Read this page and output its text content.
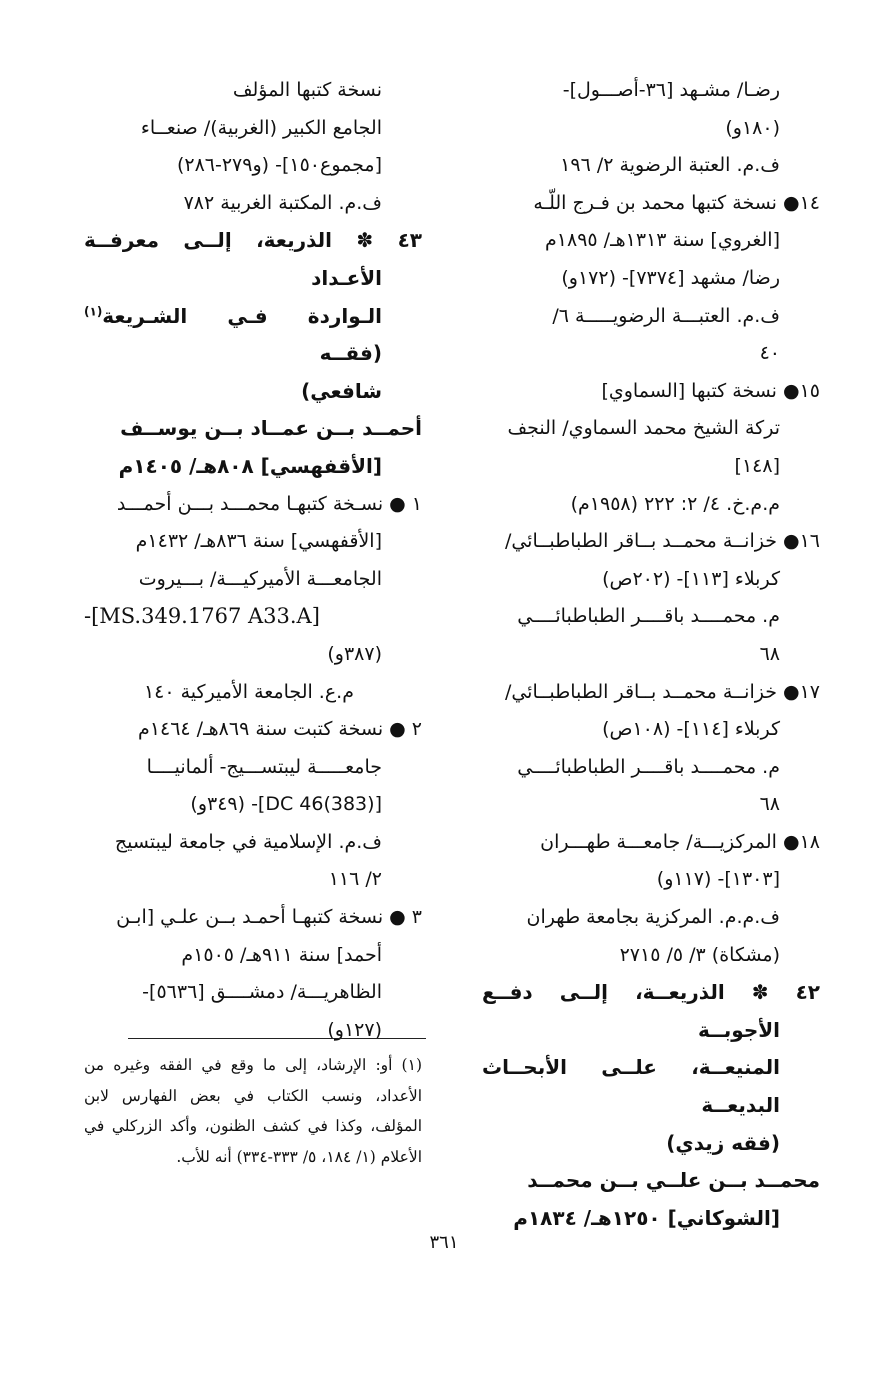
رضـا/ مشـهد [٣٦-أصـــول]-

(١٨٠و)

ف.م. العتبة الرضوية ٢/ ١٩٦

١٤● نسخة كتبها محمد بن فـرج اللّـه

[الغروي] سنة ١٣١٣هـ/ ١٨٩٥م

رضا/ مشهد [٧٣٧٤]- (١٧٢و)

ف.م. العتبـــة الرضويـــــة ٦/

٤٠

١٥● نسخة كتبها [السماوي]

تركة الشيخ محمد السماوي/ النجف

[١٤٨]

م.م.خ. ٤/ ٢: ٢٢٢ (١٩٥٨م)

١٦● خزانــة محمــد بــاقر الطباطبــائي/

كربلاء [١١٣]- (٢٠٢ص)

م. محمــــد باقــــر الطباطبائــــي

٦٨

١٧● خزانــة محمــد بــاقر الطباطبــائي/

كربلاء [١١٤]- (١٠٨ص)

م. محمــــد باقــــر الطباطبائــــي

٦٨

١٨● المركزيـــة/ جامعـــة طهـــران

[١٣٠٣]- (١١٧و)

ف.م.م. المركزية بجامعة طهران

(مشكاة) ٣/ ٥/ ٢٧١٥

٤٢ ✽ الذريعــة، إلــى دفــع الأجوبــة

المنيعــة، علــى الأبحــاث البديعــة

(فقه زيدي)

محمــد بــن علــي بــن محمــد

[الشوكاني] ١٢٥٠هـ/ ١٨٣٤م

نسخة كتبها المؤلف

الجامع الكبير (الغربية)/ صنعــاء

[مجموع١٥٠]- (و٢٧٩-٢٨٦)

ف.م. المكتبة الغربية ٧٨٢

٤٣ ✽ الذريعة، إلــى معرفــة الأعـداد

الـواردة فـي الشـريعة$^{(١)}$ (فقــه

شافعي)

أحمــد بــن عمــاد بــن يوســف

[الأقفهسي] ٨٠٨هـ/ ١٤٠٥م

١ ● نسـخة كتبهـا محمـــد بـــن أحمـــد

[الأقفهسي] سنة ٨٣٦هـ/ ١٤٣٢م

الجامعـــة الأميركيـــة/ بـــيروت

-[MS.349.1767 A33.A]

(٣٨٧و)

م.ع. الجامعة الأميركية ١٤٠

٢ ● نسخة كتبت سنة ٨٦٩هـ/ ١٤٦٤م

جامعـــــة ليبتســـيج- ألمانيــــا

[DC 46(383)]- (٣٤٩و)

ف.م. الإسلامية في جامعة ليبتسيج

٢/ ١١٦

٣ ● نسخة كتبهـا أحمـد بــن علـي [ابـن

أحمد] سنة ٩١١هـ/ ١٥٠٥م

الظاهريـــة/ دمشــــق [٥٦٣٦]-

(١٢٧و)

(١) أو: الإرشاد، إلى ما وقع في الفقه وغيره من الأعداد، ونسب الكتاب في بعض الفهارس لابن المؤلف، وكذا في كشف الظنون، وأكد الزركلي في الأعلام (١/ ١٨٤، ٥/ ٣٣٣-٣٣٤) أنه للأب.
٣٦١
